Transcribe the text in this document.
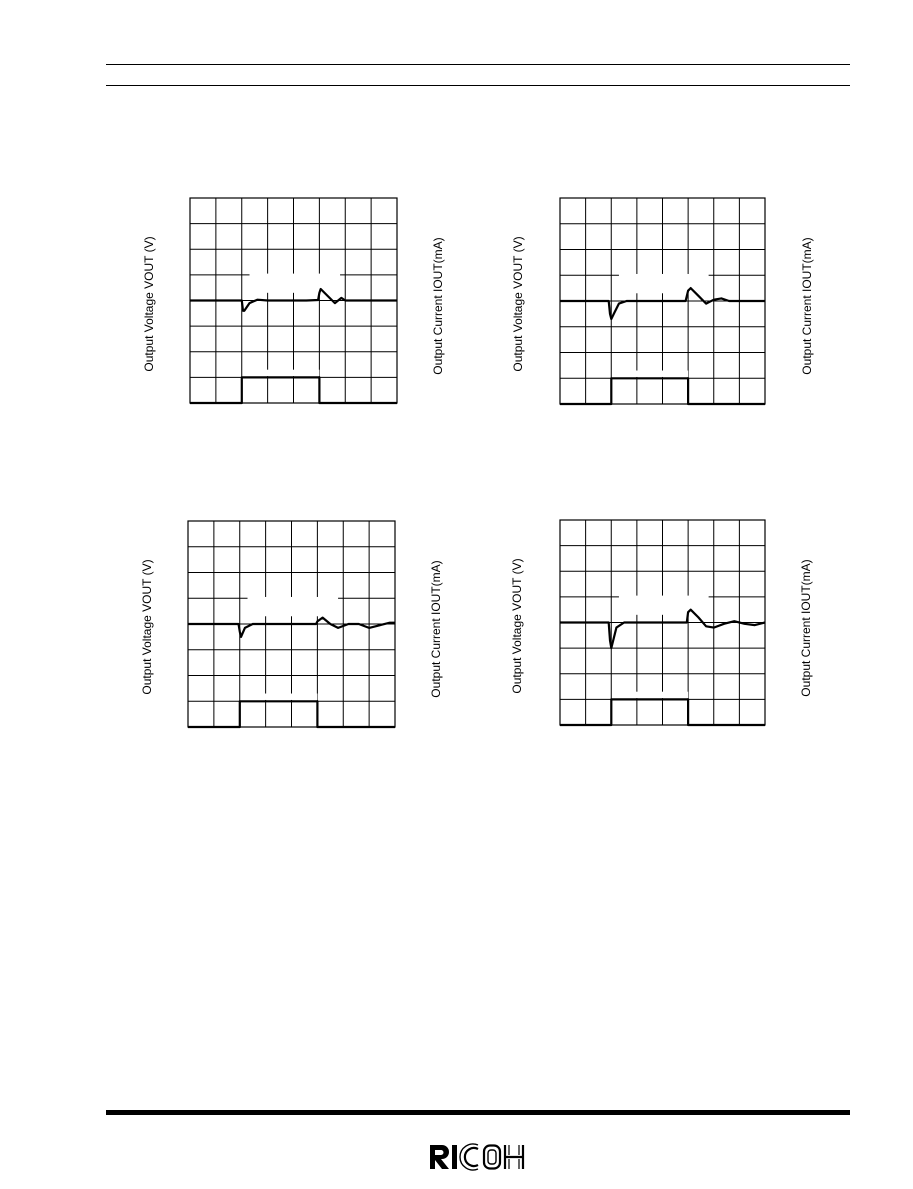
Output Voltage VOUT (V)	Output Current IOUT(mA)	Output Voltage VOUT (V)	Output Current IOUT(mA)
Output Voltage VOUT (V)	Output Current IOUT(mA)	Output Voltage VOUT (V)	Output Current IOUT(mA)
